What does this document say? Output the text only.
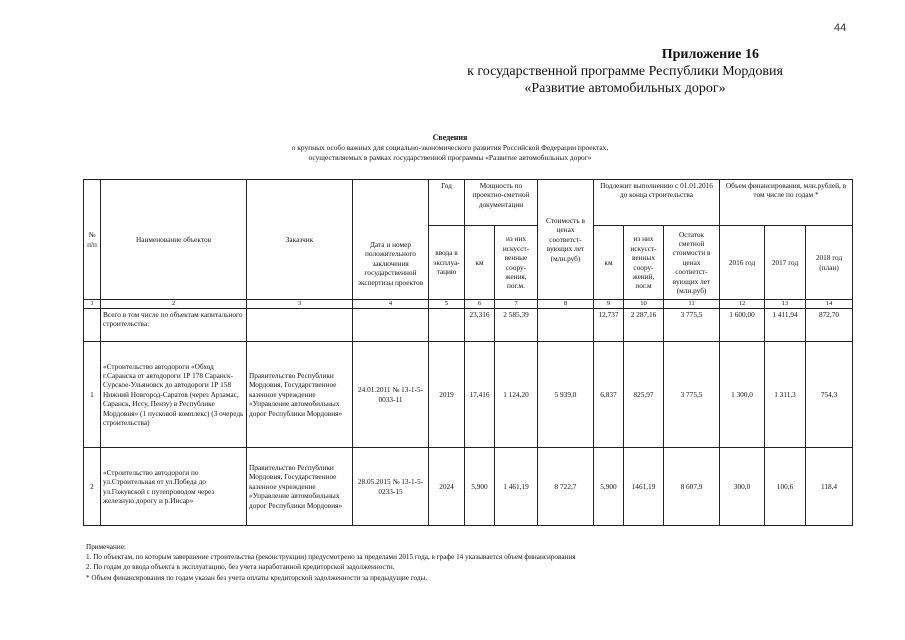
44
Приложение 16
к государственной программе Республики Мордовия
«Развитие автомобильных дорог»
Сведения
о крупных особо важных для социально-экономического развития Российской Федерации проектах,
осуществляемых в рамках государственной программы «Развитие автомобильных дорог»
№ п/п	Наименование объектов	Заказчик	Дата и номер положительного заключения государственной экспертизы проектов	Год	Мощность по проектно-сметной документации		Стоимость в ценах соответст-вующих лет (млн.руб)	Подлежит выполнению с 01.01.2016 до конца строительства			Объем финансирования, млн.рублей, в том числе по годам *		
				ввода в эксплуа-тацию	км	из них искусст-венные соору-жения, пог.м.		км	из них искусст-венных соору-жений, пог.м	Остаток сметной стоимости в ценах соответст-вующих лет (млн.руб)	2016 год	2017 год	2018 год (план)
1	2	3	4	5	6	7	8	9	10	11	12	13	14
	Всего в том числе по объектам капитального строительства:				23,316	2 585,39		12,737	2 287,16	3 775,5	1 600,00	1 411,94	872,70
1	«Строительство автодороги «Обход г.Саранска от автодороги 1Р 178 Саранск-Сурское-Ульяновск до автодороги 1Р 158 Нижний Новгород-Саратов (через Арзамас, Саранск, Исcу, Пензу) в Республике Мордовия» (1 пусковой комплекс) (3 очередь строительства)	Правительство Республики Мордовия, Государственное казенное учреждение «Управление автомобильных дорог Республики Мордовия»	24.01.2011 № 13-1-5-0033-11	2019	17,416	1 124,20	5 939,0	6,837	825,97	3 775,5	1 300,0	1 311,3	754,3
2	«Строительство автодороги по ул.Строительная от ул.Победа до ул.Гожувской с путепроводом через железную дорогу и р.Инсар»	Правительство Республики Мордовия, Государственное казенное учреждение «Управление автомобильных дорог Республики Мордовия»	28.05.2015 № 13-1-5-0233-15	2024	5,900	1 461,19	8 722,7	5,900	1461,19	8 607,9	300,0	100,6	118,4
Примечание:
1. По объектам, по которым завершение строительства (реконструкции) предусмотрено за пределами 2015 года, в графе 14 указывается объем финансирования
2. По годам до ввода объекта в эксплуатацию, без учета наработанной кредиторской задолженности.
* Объем финансирования по годам указан без учета оплаты кредиторской задолженности за предыдущие годы.
